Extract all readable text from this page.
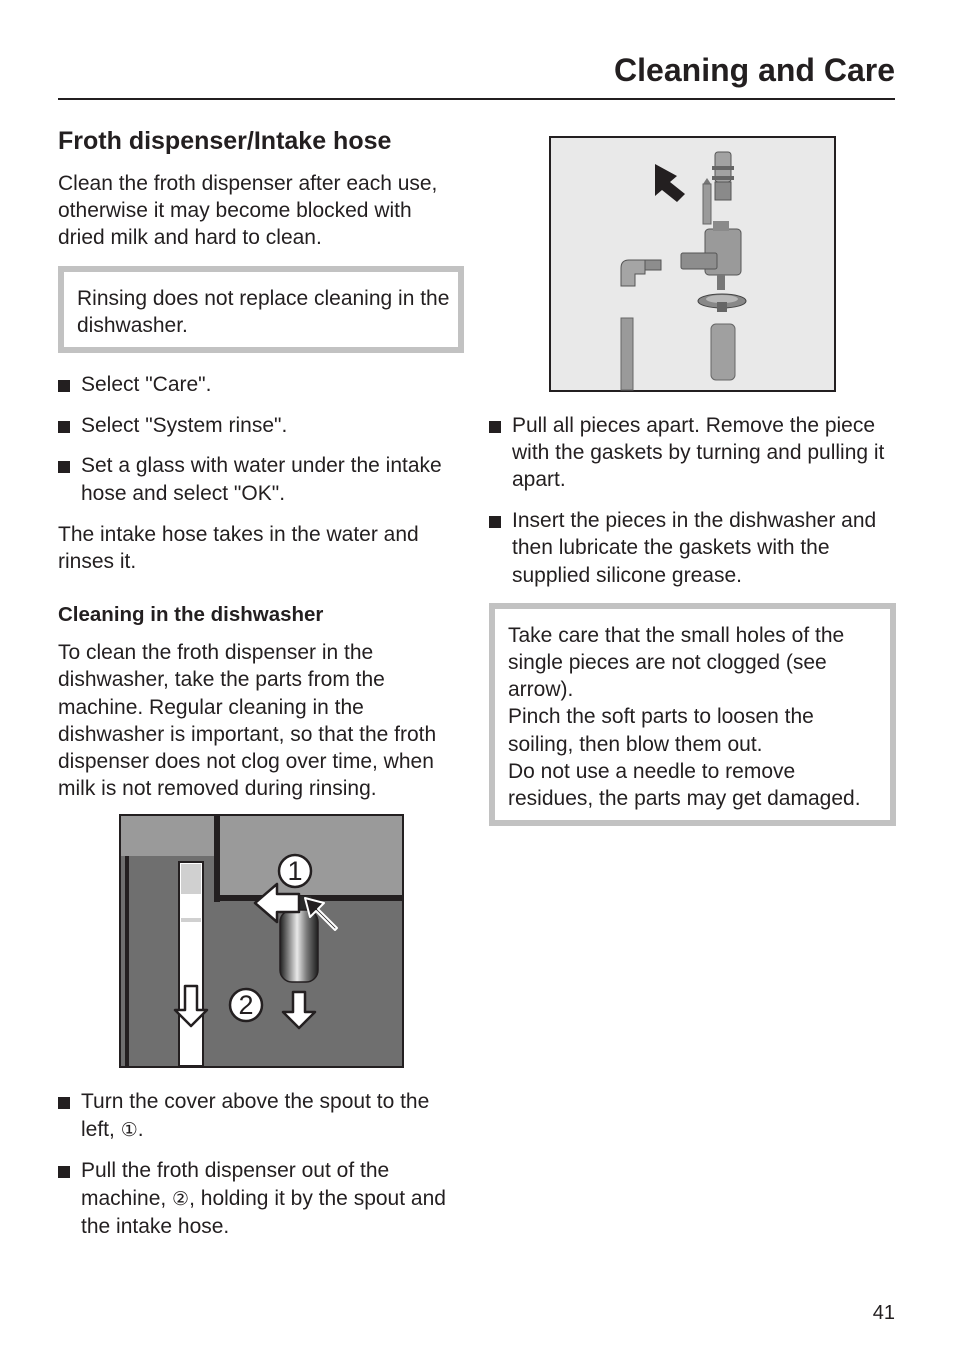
Cleaning and Care
Froth dispenser/Intake hose

Clean the froth dispenser after each use, otherwise it may become blocked with dried milk and hard to clean.

Rinsing does not replace cleaning in the dishwasher.
Select "Care".
Select "System rinse".
Set a glass with water under the intake hose and select "OK".

The intake hose takes in the water and rinses it.

Cleaning in the dishwasher

To clean the froth dispenser in the dishwasher, take the parts from the machine. Regular cleaning in the dishwasher is important, so that the froth dispenser does not clog over time, when milk is not removed during rinsing.

1
2
Turn the cover above the spout to the left, ①.
Pull the froth dispenser out of the machine, ②, holding it by the spout and the intake hose.
Pull all pieces apart. Remove the piece with the gaskets by turning and pulling it apart.
Insert the pieces in the dishwasher and then lubricate the gaskets with the supplied silicone grease.
Take care that the small holes of the single pieces are not clogged (see arrow).
Pinch the soft parts to loosen the soiling, then blow them out.
Do not use a needle to remove residues, the parts may get damaged.
41
